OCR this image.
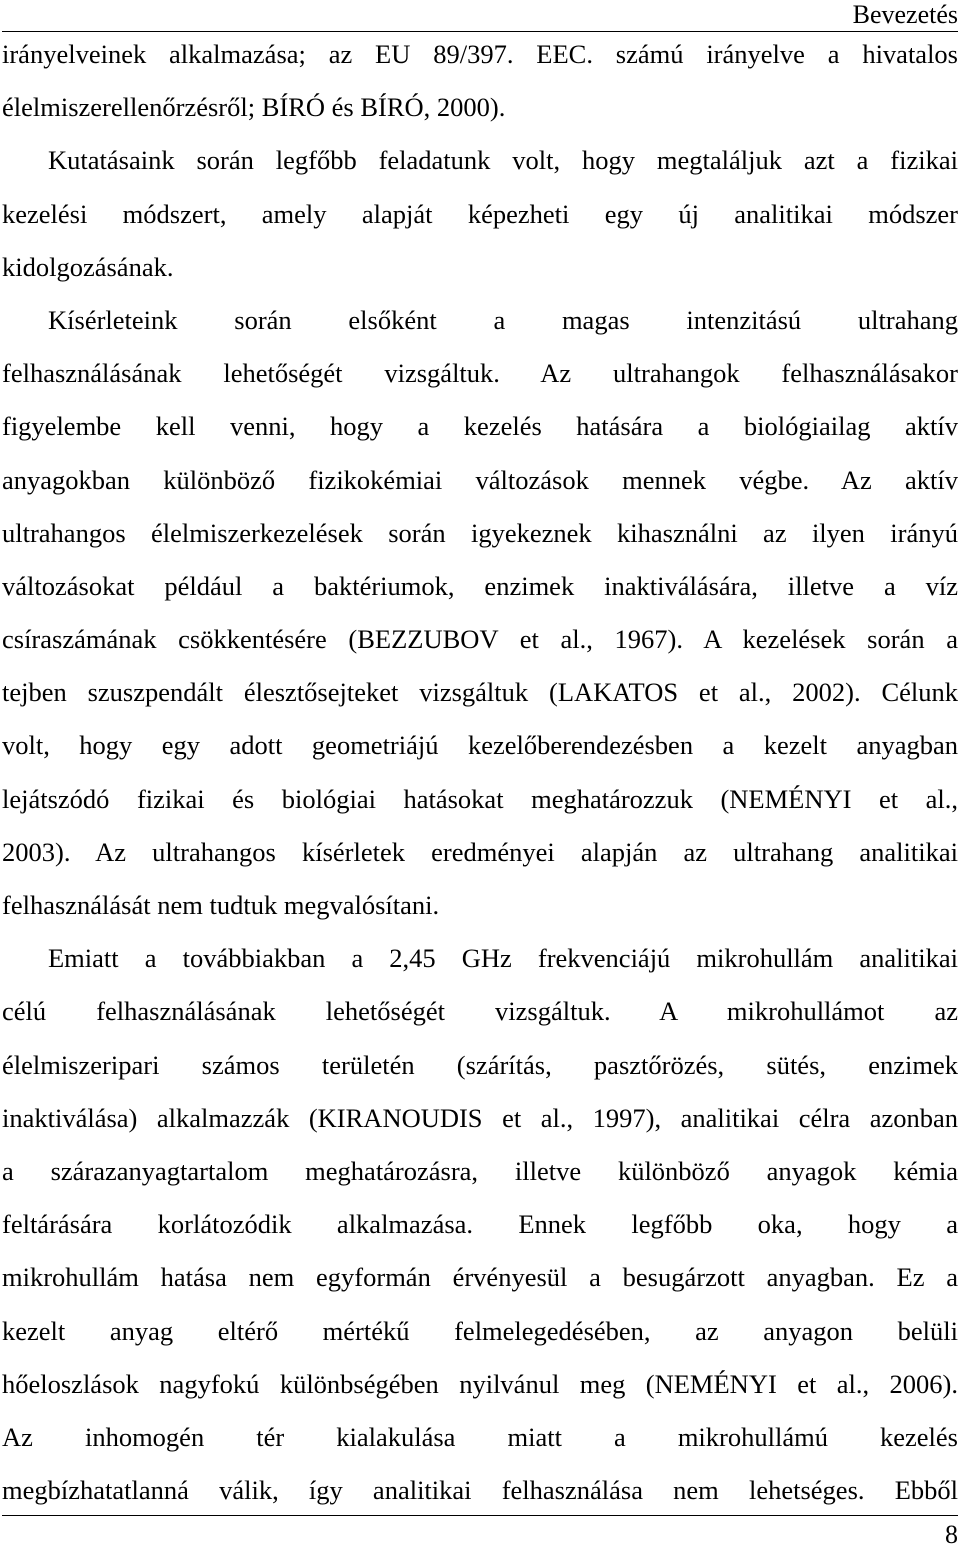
Bevezetés
irányelveinek alkalmazása; az EU 89/397. EEC. számú irányelve a hivatalos
élelmiszerellenőrzésről; BÍRÓ és BÍRÓ, 2000).
Kutatásaink során legfőbb feladatunk volt, hogy megtaláljuk azt a fizikai
kezelési módszert, amely alapját képezheti egy új analitikai módszer
kidolgozásának.
Kísérleteink során elsőként a magas intenzitású ultrahang
felhasználásának lehetőségét vizsgáltuk. Az ultrahangok felhasználásakor
figyelembe kell venni, hogy a kezelés hatására a biológiailag aktív
anyagokban különböző fizikokémiai változások mennek végbe. Az aktív
ultrahangos élelmiszerkezelések során igyekeznek kihasználni az ilyen irányú
változásokat például a baktériumok, enzimek inaktiválására, illetve a víz
csíraszámának csökkentésére (BEZZUBOV et al., 1967). A kezelések során a
tejben szuszpendált élesztősejteket vizsgáltuk (LAKATOS et al., 2002). Célunk
volt, hogy egy adott geometriájú kezelőberendezésben a kezelt anyagban
lejátszódó fizikai és biológiai hatásokat meghatározzuk (NEMÉNYI et al.,
2003). Az ultrahangos kísérletek eredményei alapján az ultrahang analitikai
felhasználását nem tudtuk megvalósítani.
Emiatt a továbbiakban a 2,45 GHz frekvenciájú mikrohullám analitikai
célú felhasználásának lehetőségét vizsgáltuk. A mikrohullámot az
élelmiszeripari számos területén (szárítás, pasztőrözés, sütés, enzimek
inaktiválása) alkalmazzák (KIRANOUDIS et al., 1997), analitikai célra azonban
a szárazanyagtartalom meghatározásra, illetve különböző anyagok kémia
feltárására korlátozódik alkalmazása. Ennek legfőbb oka, hogy a
mikrohullám hatása nem egyformán érvényesül a besugárzott anyagban. Ez a
kezelt anyag eltérő mértékű felmelegedésében, az anyagon belüli
hőeloszlások nagyfokú különbségében nyilvánul meg (NEMÉNYI et al., 2006).
Az inhomogén tér kialakulása miatt a mikrohullámú kezelés
megbízhatatlanná válik, így analitikai felhasználása nem lehetséges. Ebből
8
